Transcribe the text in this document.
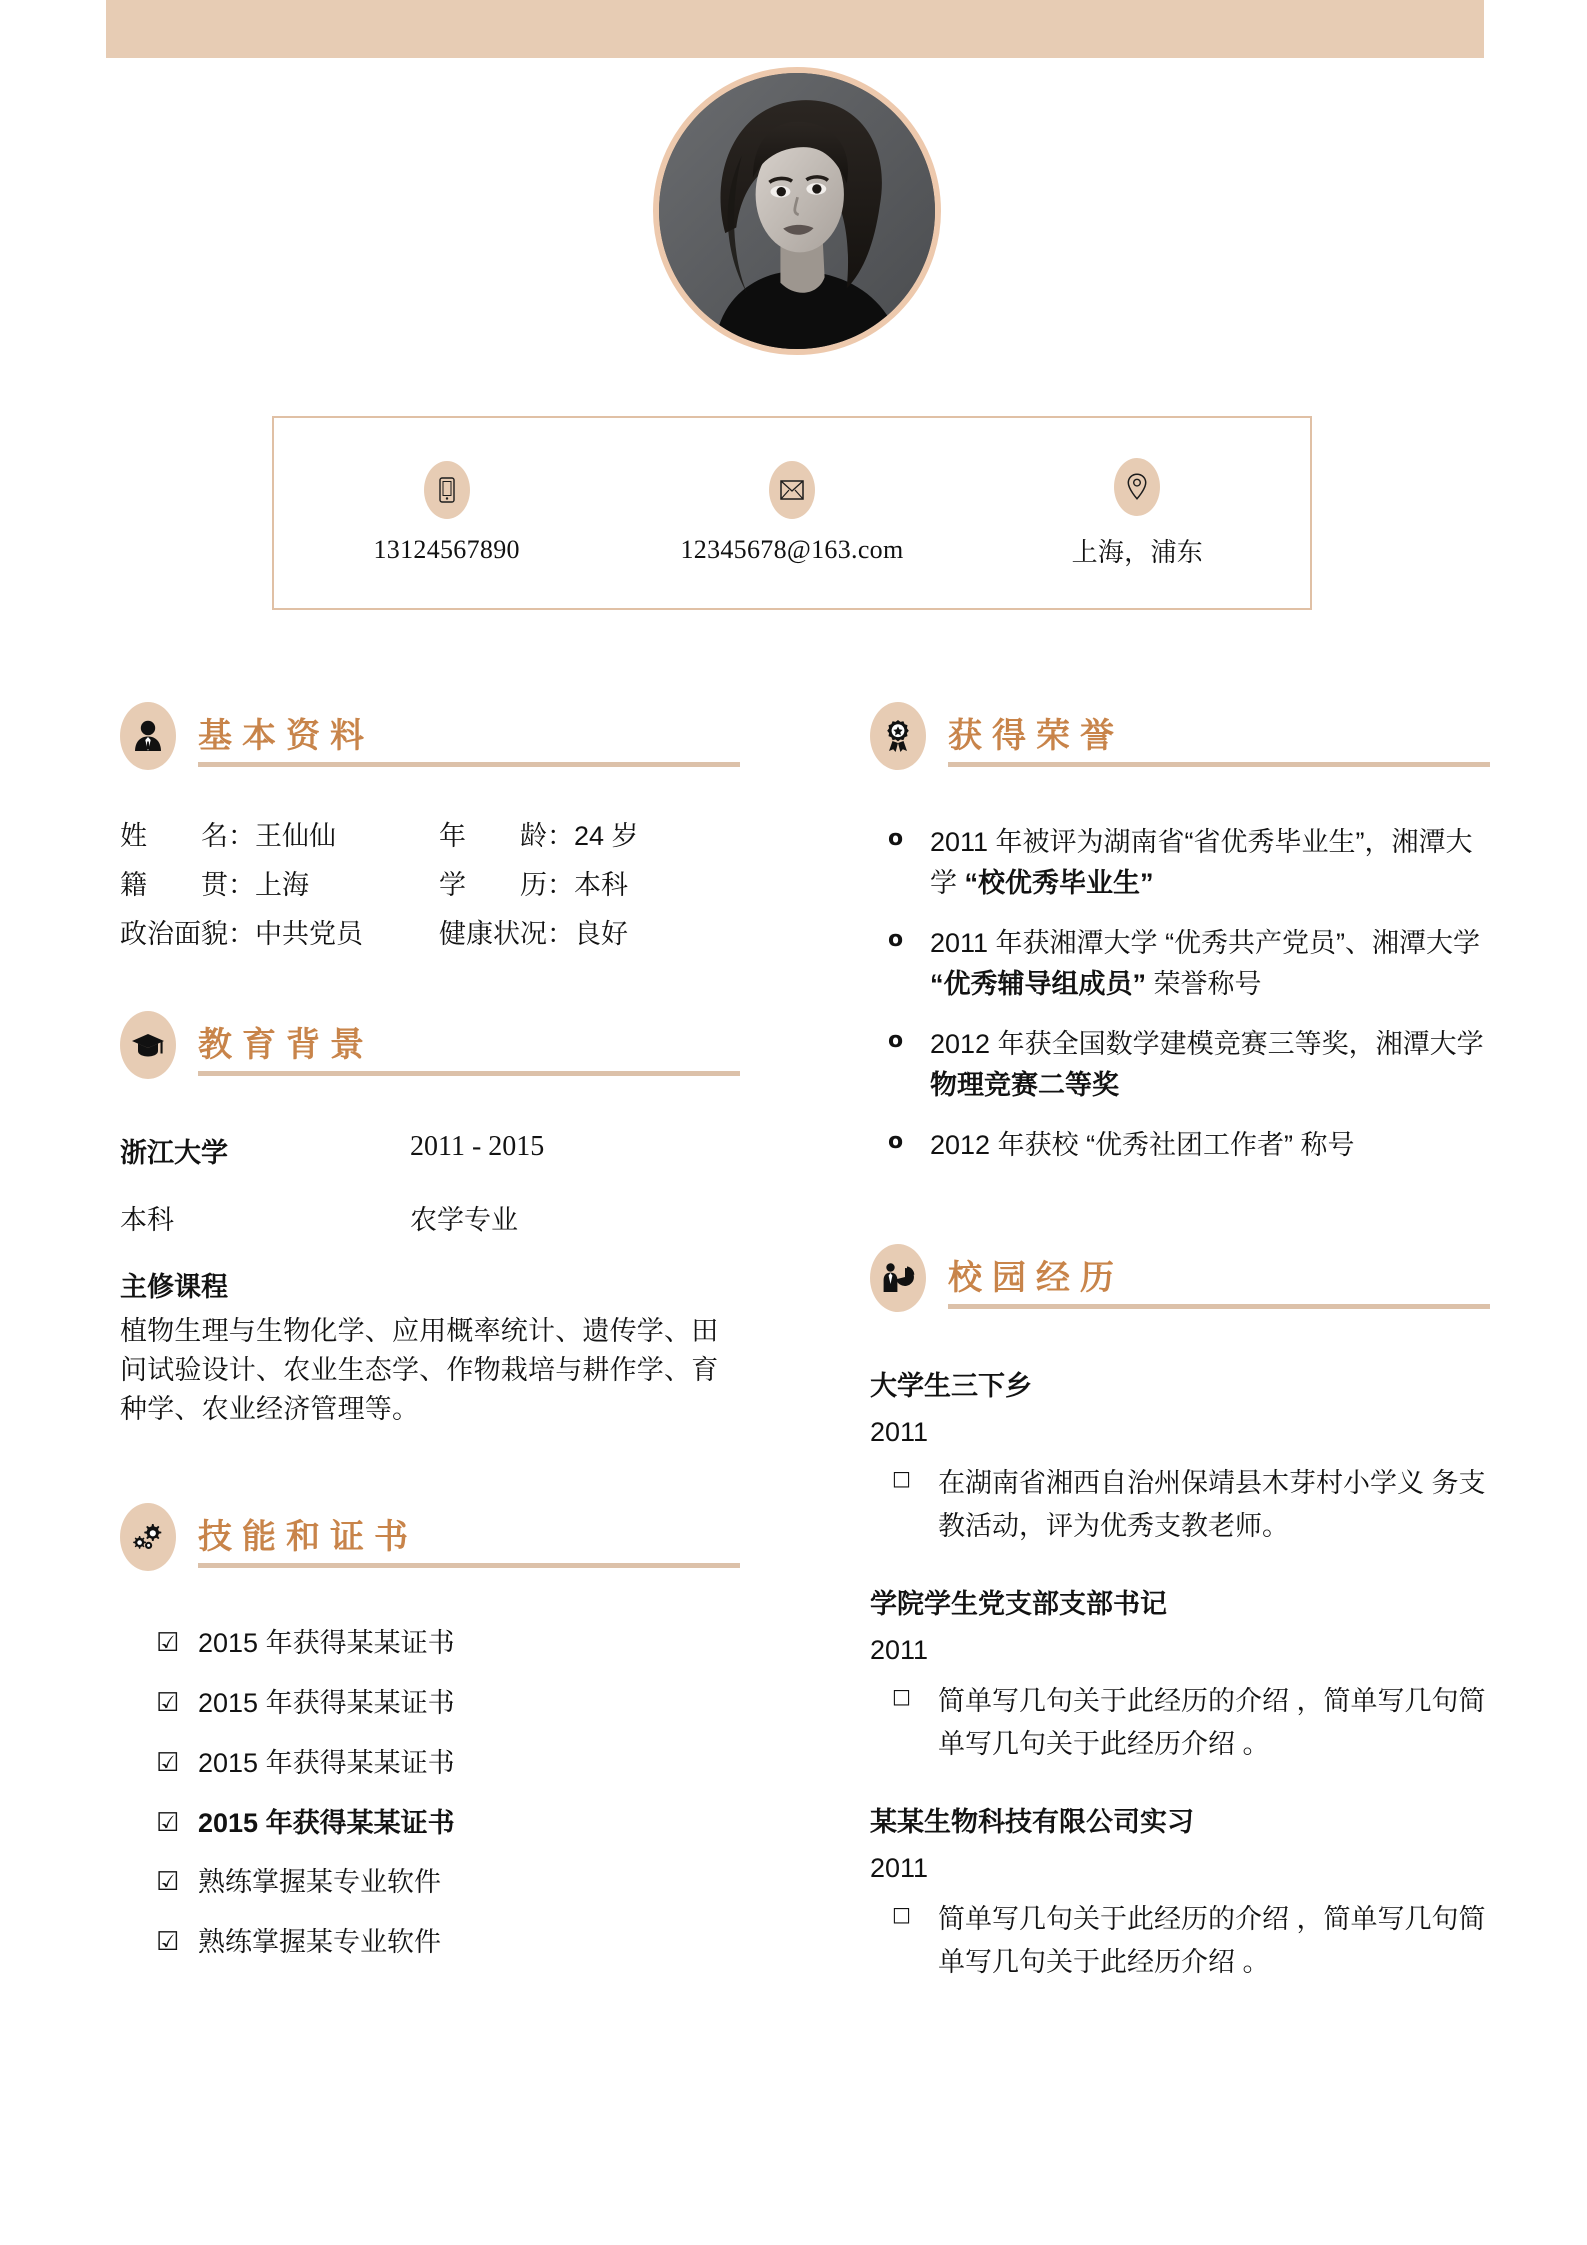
13124567890	12345678@163.com	上海，浦东
基本资料
姓　　名：王仙仙	年　　龄：24 岁
籍　　贯：上海	学　　历：本科
政治面貌：中共党员	健康状况：良好
教育背景
浙江大学	2011 - 2015
本科	农学专业
主修课程
植物生理与生物化学、应用概率统计、遗传学、田问试验设计、农业生态学、作物栽培与耕作学、育种学、农业经济管理等。
技能和证书
☑ 2015 年获得某某证书
☑ 2015 年获得某某证书
☑ 2015 年获得某某证书
☑ 2015 年获得某某证书
☑ 熟练掌握某专业软件
☑ 熟练掌握某专业软件
获得荣誉
o 2011 年被评为湖南省“省优秀毕业生”，湘潭大学 “校优秀毕业生”
o 2011 年获湘潭大学 “优秀共产党员”、湘潭大学 “优秀辅导组成员” 荣誉称号
o 2012 年获全国数学建模竞赛三等奖，湘潭大学物理竞赛二等奖
o 2012 年获校 “优秀社团工作者” 称号
校园经历
大学生三下乡
2011
□	在湖南省湘西自治州保靖县木芽村小学义 务支教活动，评为优秀支教老师。
学院学生党支部支部书记
2011
□	简单写几句关于此经历的介绍 ，简单写几句简单写几句关于此经历介绍 。
某某生物科技有限公司实习
2011
□	简单写几句关于此经历的介绍 ，简单写几句简单写几句关于此经历介绍 。
